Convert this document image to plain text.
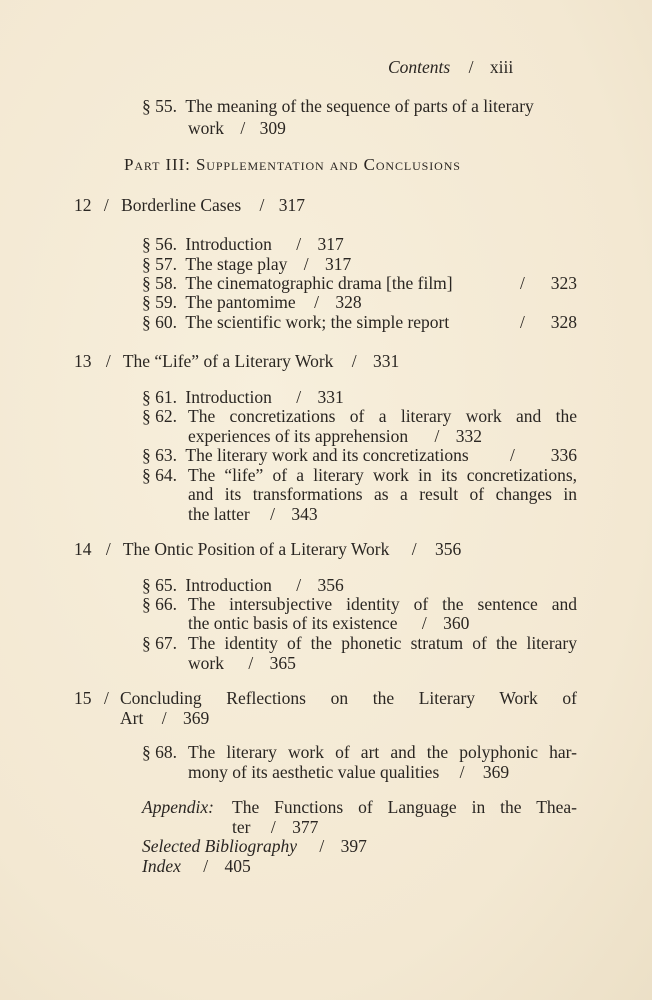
Contents / xiii
§ 55. The meaning of the sequence of parts of a literary
work / 309
Part III: Supplementation and Conclusions
12 / Borderline Cases / 317
§ 56. Introduction / 317
§ 57. The stage play / 317
§ 58. The cinematographic drama [the film]	/ 323
§ 59. The pantomime / 328
§ 60. The scientific work; the simple report	/ 328
13 / The “Life” of a Literary Work / 331
§ 61. Introduction / 331
§ 62. The concretizations of a literary work and the
experiences of its apprehension / 332
§ 63. The literary work and its concretizations / 336
§ 64. The “life” of a literary work in its concretizations,
and its transformations as a result of changes in
the latter / 343
14 / The Ontic Position of a Literary Work / 356
§ 65. Introduction / 356
§ 66. The intersubjective identity of the sentence and
the ontic basis of its existence / 360
§ 67. The identity of the phonetic stratum of the literary
work / 365
15 / Concluding Reflections on the Literary Work of
Art / 369
§ 68. The literary work of art and the polyphonic har-
mony of its aesthetic value qualities / 369
Appendix: The Functions of Language in the Thea-
ter / 377
Selected Bibliography / 397
Index / 405
